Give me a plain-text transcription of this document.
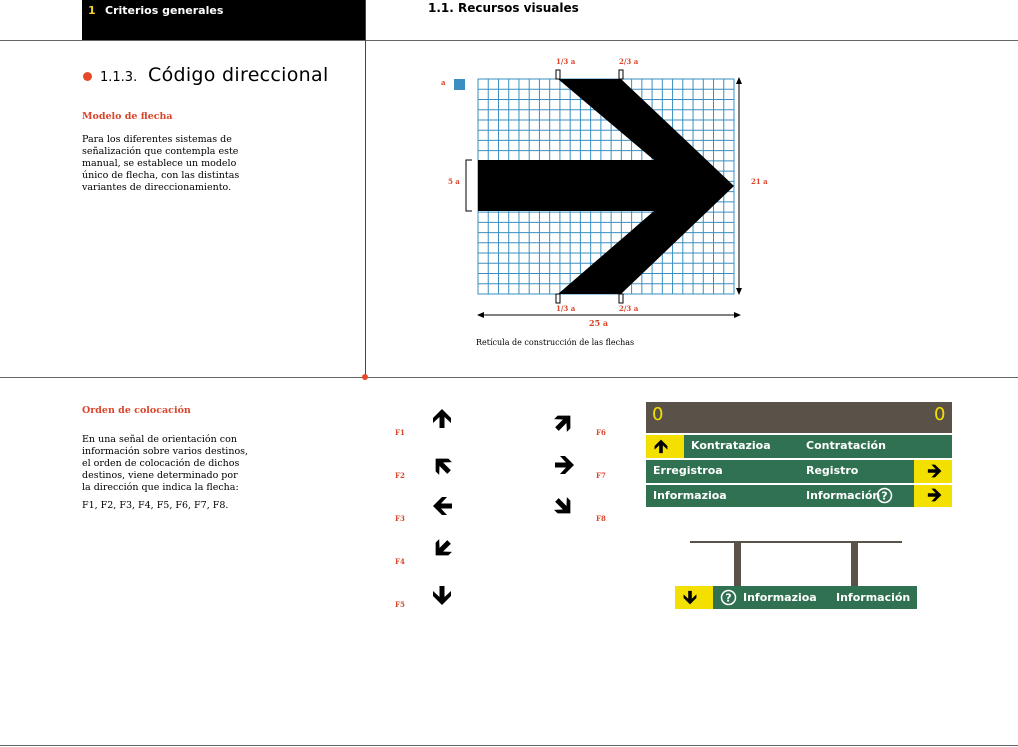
1 Criterios generales	1.1. Recursos visuales
1.1.3. Código direccional
Modelo de flecha
Para los diferentes sistemas de
señalización que contempla este
manual, se establece un modelo
único de flecha, con las distintas
variantes de direccionamiento.
a
1/3 a	2/3 a
1/3 a	2/3 a
5 a	21 a
25 a
Retícula de construcción de las flechas
Orden de colocación
En una señal de orientación con
información sobre varios destinos,
el orden de colocación de dichos
destinos, viene determinado por
la dirección que indica la flecha:
F1, F2, F3, F4, F5, F6, F7, F8.
F1
F2
F3
F4
F5
F6
F7
F8
0	0
Kontratazioa	Contratación
Erregistroa	Registro
Informazioa	Información ?
? Informazioa Información
